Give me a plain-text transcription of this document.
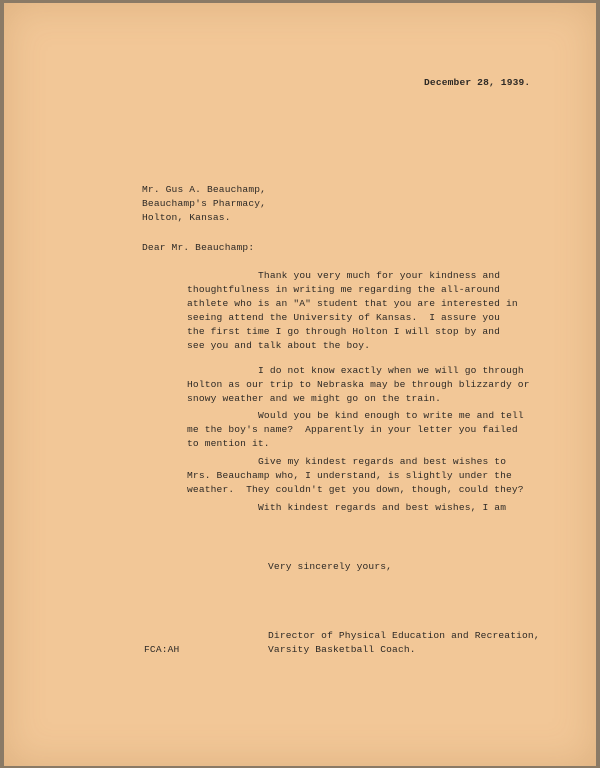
December 28, 1939.
Mr. Gus A. Beauchamp,
Beauchamp's Pharmacy,
Holton, Kansas.
Dear Mr. Beauchamp:
Thank you very much for your kindness and
thoughtfulness in writing me regarding the all-around
athlete who is an "A" student that you are interested in
seeing attend the University of Kansas.  I assure you
the first time I go through Holton I will stop by and
see you and talk about the boy.
I do not know exactly when we will go through
Holton as our trip to Nebraska may be through blizzardy or
snowy weather and we might go on the train.
Would you be kind enough to write me and tell
me the boy's name?  Apparently in your letter you failed
to mention it.
Give my kindest regards and best wishes to
Mrs. Beauchamp who, I understand, is slightly under the
weather.  They couldn't get you down, though, could they?
With kindest regards and best wishes, I am
Very sincerely yours,
Director of Physical Education and Recreation,
Varsity Basketball Coach.
FCA:AH
